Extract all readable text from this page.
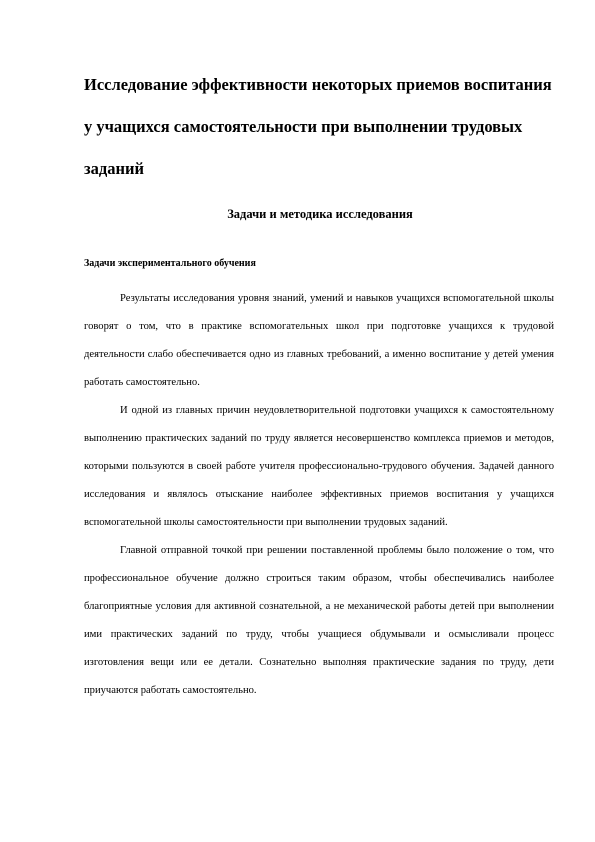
Исследование эффективности некоторых приемов воспитания у учащихся самостоятельности при выполнении трудовых заданий
Задачи и методика исследования
Задачи экспериментального обучения

Результаты исследования уровня знаний, умений и навыков учащихся вспомогательной школы говорят о том, что в практике вспомогательных школ при подготовке учащихся к трудовой деятельности слабо обеспечивается одно из главных требований, а именно воспитание у детей умения работать самостоятельно.

И одной из главных причин неудовлетворительной подготовки учащихся к самостоятельному выполнению практических заданий по труду является несовершенство комплекса приемов и методов, которыми пользуются в своей работе учителя профессионально-трудового обучения. Задачей данного исследования и являлось отыскание наиболее эффективных приемов воспитания у учащихся вспомогательной школы самостоятельности при выполнении трудовых заданий.

Главной отправной точкой при решении поставленной проблемы было положение о том, что профессиональное обучение должно строиться таким образом, чтобы обеспечивались наиболее благоприятные условия для активной сознательной, а не механической работы детей при выполнении ими практических заданий по труду, чтобы учащиеся обдумывали и осмысливали процесс изготовления вещи или ее детали. Сознательно выполняя практические задания по труду, дети приучаются работать самостоятельно.
